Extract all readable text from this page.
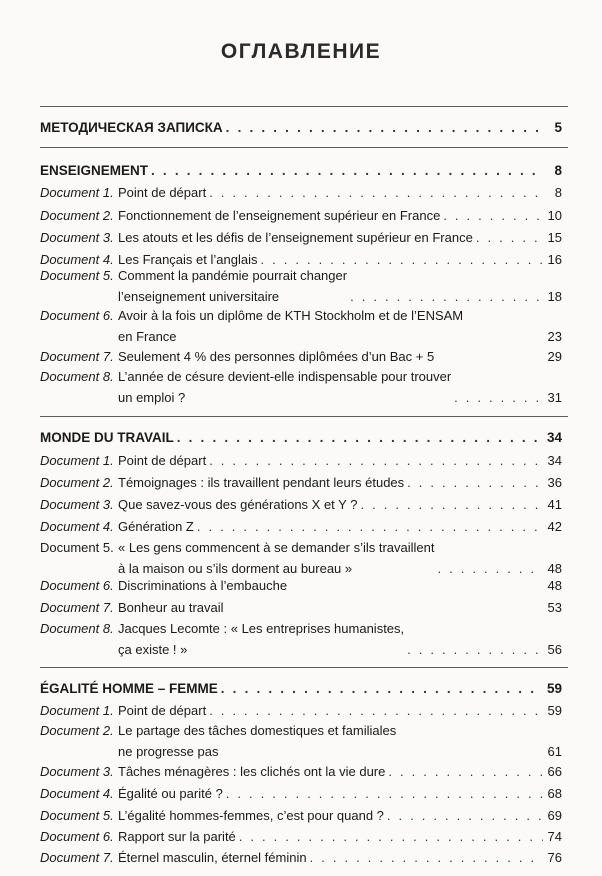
ОГЛАВЛЕНИЕ
МЕТОДИЧЕСКАЯ ЗАПИСКА . . .	5
ENSEIGNEMENT . . .	8
Document 1. Point de départ . . .	8
Document 2. Fonctionnement de l’enseignement supérieur en France . . .	10
Document 3. Les atouts et les défis de l’enseignement supérieur en France . . .	15
Document 4. Les Français et l’anglais . . .	16
Document 5. Comment la pandémie pourrait changer
l’enseignement universitaire . . .	18
Document 6. Avoir à la fois un diplôme de KTH Stockholm et de l’ENSAM
en France	23
Document 7. Seulement 4 % des personnes diplômées d’un Bac + 5	29
Document 8. L’année de césure devient-elle indispensable pour trouver
un emploi ? . . .	31
MONDE DU TRAVAIL . . .	34
Document 1. Point de départ . . .	34
Document 2. Témoignages : ils travaillent pendant leurs études . . .	36
Document 3. Que savez-vous des générations X et Y ? . . .	41
Document 4. Génération Z . . .	42
Document 5. « Les gens commencent à se demander s’ils travaillent
à la maison ou s’ils dorment au bureau » . . .	48
Document 6. Discriminations à l’embauche	48
Document 7. Bonheur au travail	53
Document 8. Jacques Lecomte : « Les entreprises humanistes,
ça existe ! » . . .	56
ÉGALITÉ HOMME – FEMME . . .	59
Document 1. Point de départ . . .	59
Document 2. Le partage des tâches domestiques et familiales
ne progresse pas	61
Document 3. Tâches ménagères : les clichés ont la vie dure . . .	66
Document 4. Égalité ou parité ? . . .	68
Document 5. L’égalité hommes-femmes, c’est pour quand ? . . .	69
Document 6. Rapport sur la parité . . .	74
Document 7. Éternel masculin, éternel féminin . . .	76
